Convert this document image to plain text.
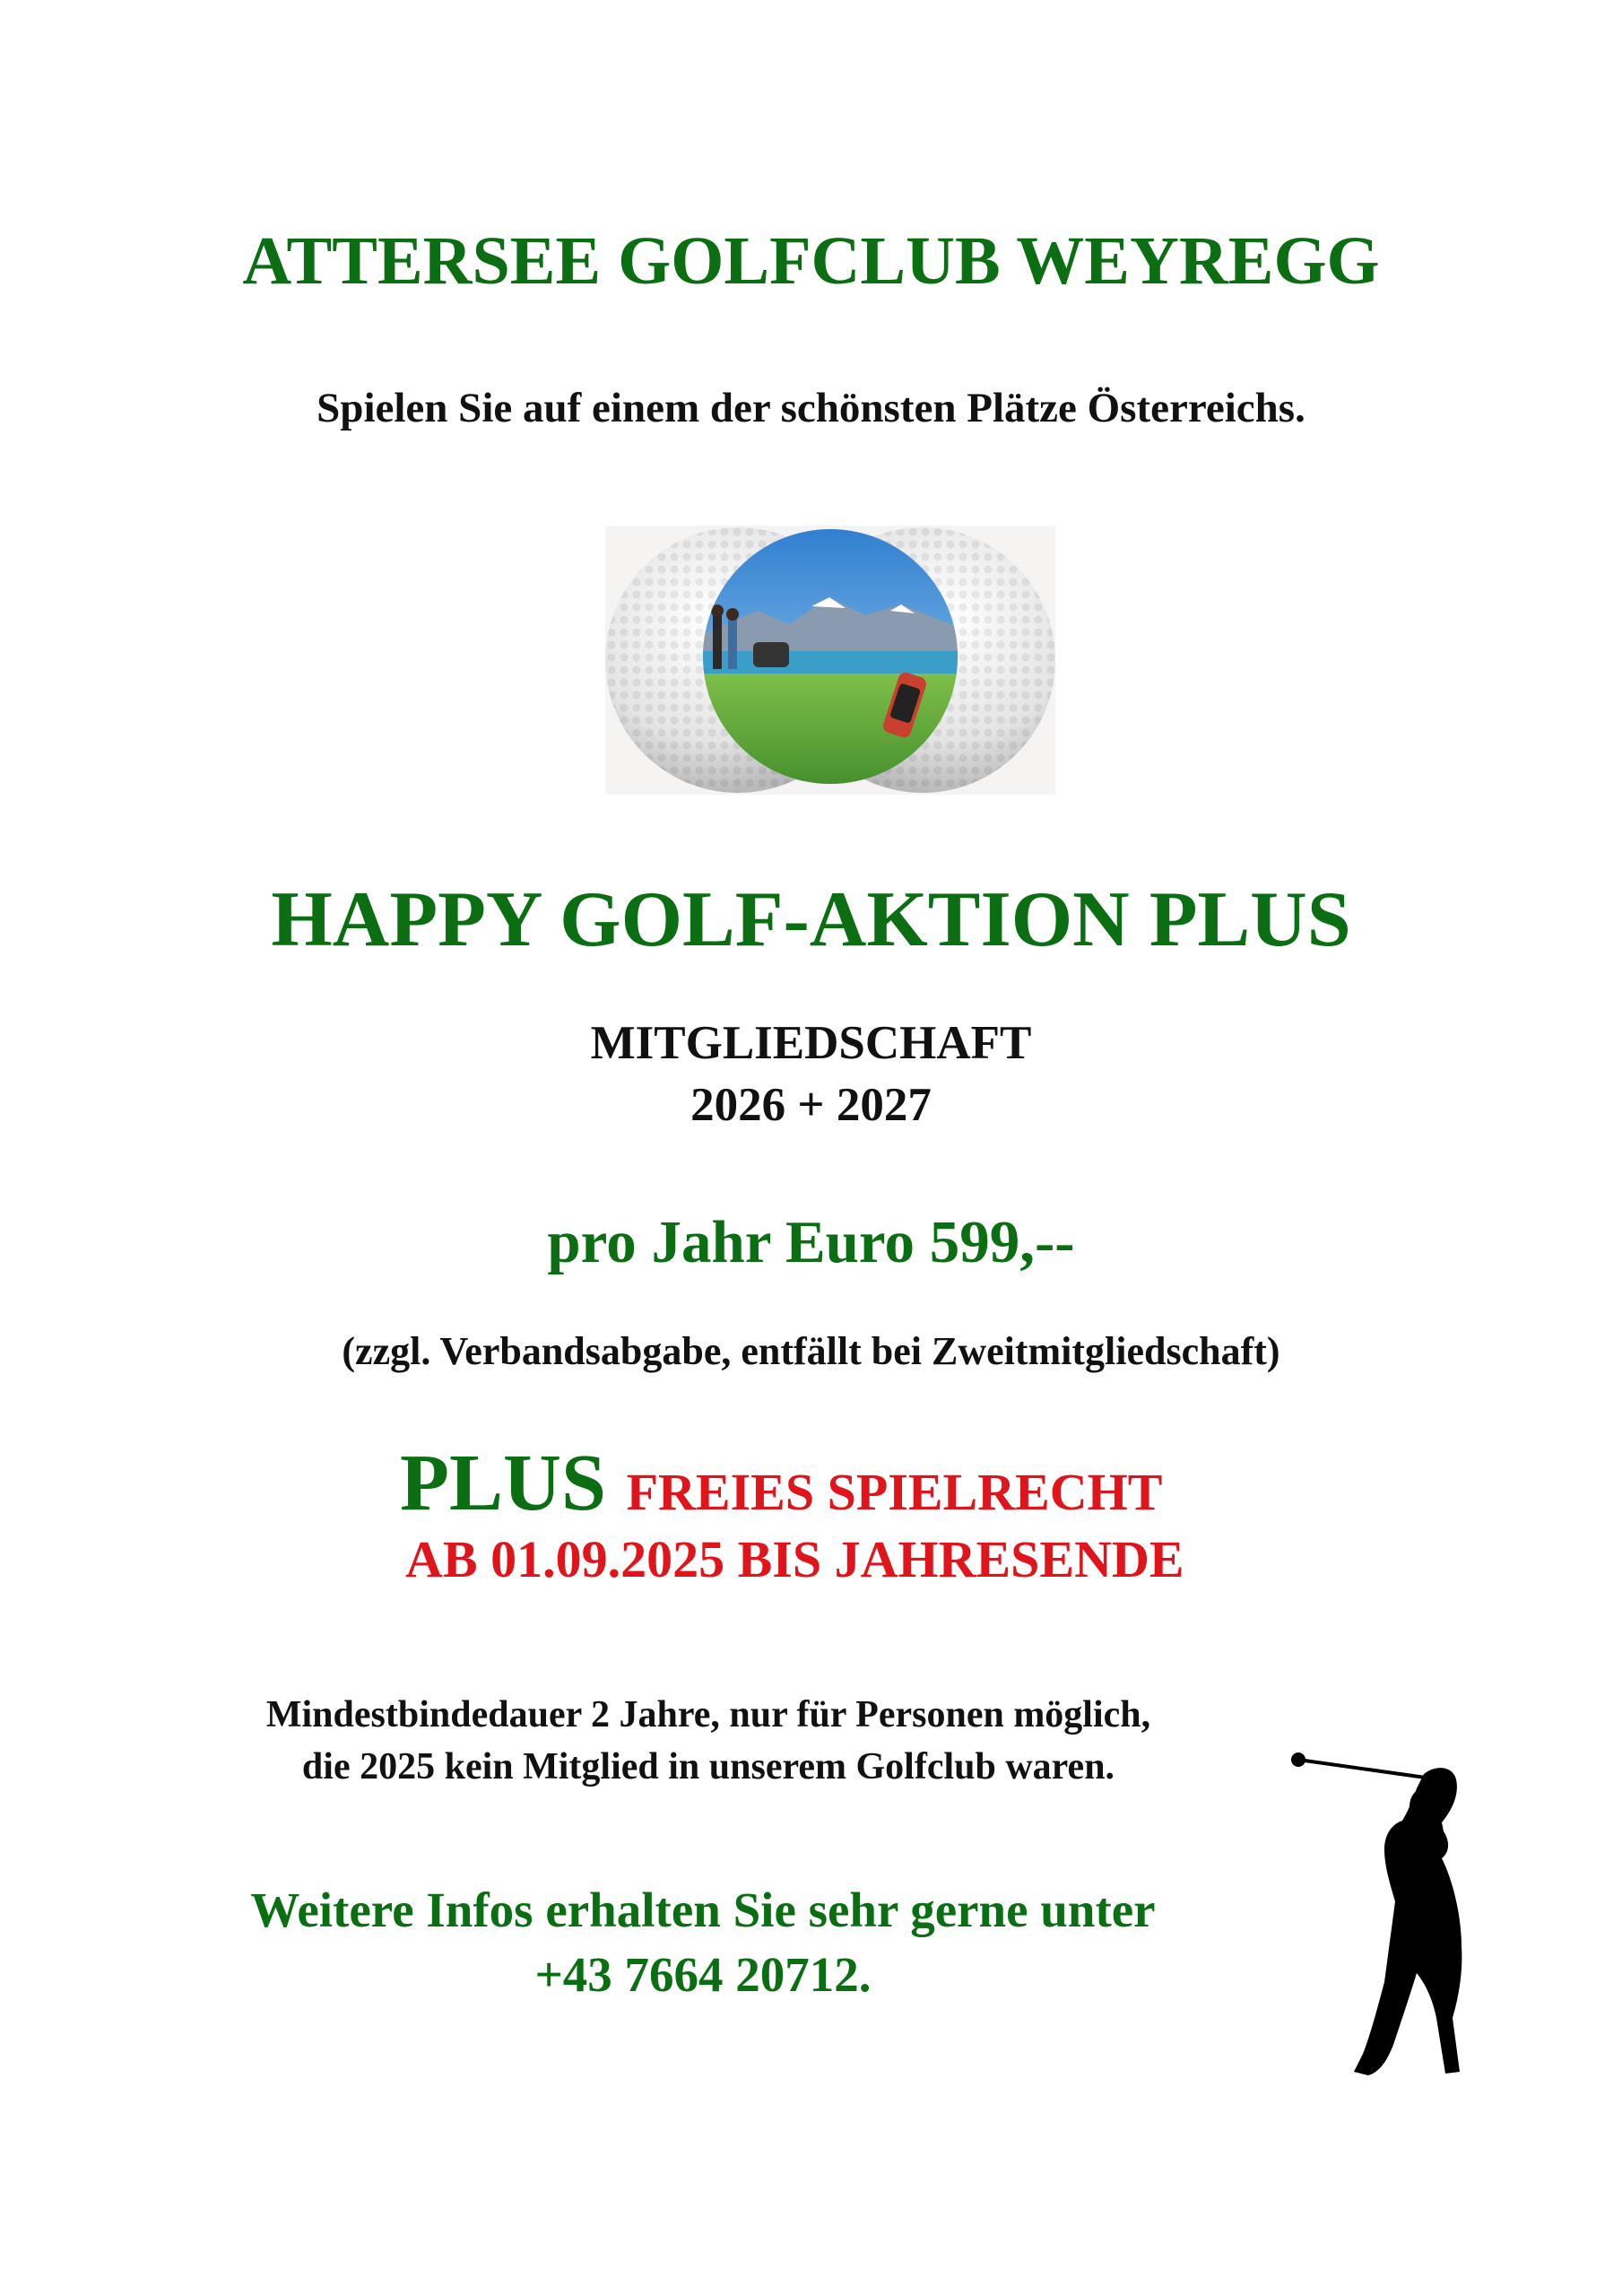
ATTERSEE GOLFCLUB WEYREGG

Spielen Sie auf einem der schönsten Plätze Österreichs.

HAPPY GOLF-AKTION PLUS

MITGLIEDSCHAFT

2026 + 2027

pro Jahr Euro 599,--

(zzgl. Verbandsabgabe, entfällt bei Zweitmitgliedschaft)

PLUS FREIES SPIELRECHT

AB 01.09.2025 BIS JAHRESENDE

Mindestbindedauer 2 Jahre, nur für Personen möglich,

die 2025 kein Mitglied in unserem Golfclub waren.

Weitere Infos erhalten Sie sehr gerne unter

+43 7664 20712.
